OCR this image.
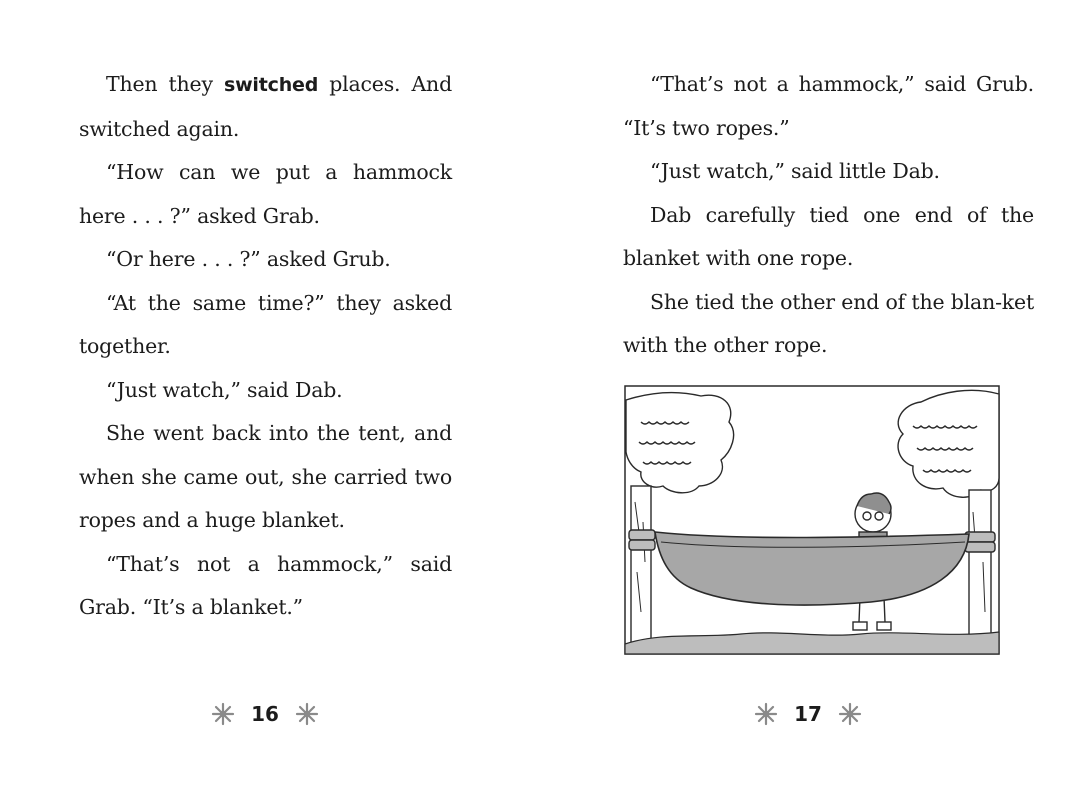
Then they switched places. And switched again.

“How can we put a hammock here . . . ?” asked Grab.

“Or here . . . ?” asked Grub.

“At the same time?” they asked together.

“Just watch,” said Dab.

She went back into the tent, and when she came out, she carried two ropes and a huge blanket.

“That’s not a hammock,” said Grab. “It’s a blanket.”

16

“That’s not a hammock,” said Grub. “It’s two ropes.”

“Just watch,” said little Dab.

Dab carefully tied one end of the blanket with one rope.

She tied the other end of the blan-ket with the other rope.

17
